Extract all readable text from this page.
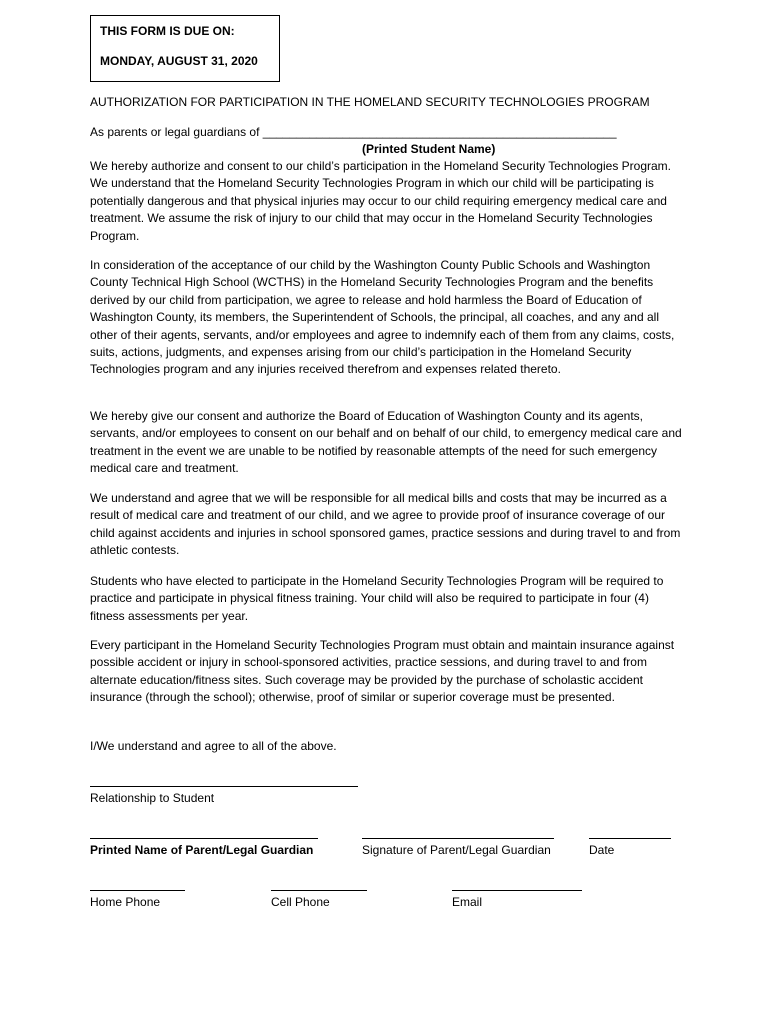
THIS FORM IS DUE ON:
MONDAY, AUGUST 31, 2020
AUTHORIZATION FOR PARTICIPATION IN THE HOMELAND SECURITY TECHNOLOGIES PROGRAM
As parents or legal guardians of _____________________________________________________
(Printed Student Name)

We hereby authorize and consent to our child’s participation in the Homeland Security Technologies Program. We understand that the Homeland Security Technologies Program in which our child will be participating is potentially dangerous and that physical injuries may occur to our child requiring emergency medical care and treatment. We assume the risk of injury to our child that may occur in the Homeland Security Technologies Program.

In consideration of the acceptance of our child by the Washington County Public Schools and Washington County Technical High School (WCTHS) in the Homeland Security Technologies Program and the benefits derived by our child from participation, we agree to release and hold harmless the Board of Education of Washington County, its members, the Superintendent of Schools, the principal, all coaches, and any and all other of their agents, servants, and/or employees and agree to indemnify each of them from any claims, costs, suits, actions, judgments, and expenses arising from our child’s participation in the Homeland Security Technologies program and any injuries received therefrom and expenses related thereto.

We hereby give our consent and authorize the Board of Education of Washington County and its agents, servants, and/or employees to consent on our behalf and on behalf of our child, to emergency medical care and treatment in the event we are unable to be notified by reasonable attempts of the need for such emergency medical care and treatment.

We understand and agree that we will be responsible for all medical bills and costs that may be incurred as a result of medical care and treatment of our child, and we agree to provide proof of insurance coverage of our child against accidents and injuries in school sponsored games, practice sessions and during travel to and from athletic contests.

Students who have elected to participate in the Homeland Security Technologies Program will be required to practice and participate in physical fitness training. Your child will also be required to participate in four (4) fitness assessments per year.

Every participant in the Homeland Security Technologies Program must obtain and maintain insurance against possible accident or injury in school-sponsored activities, practice sessions, and during travel to and from alternate education/fitness sites. Such coverage may be provided by the purchase of scholastic accident insurance (through the school); otherwise, proof of similar or superior coverage must be presented.

I/We understand and agree to all of the above.
Relationship to Student
Printed Name of Parent/Legal Guardian	Signature of Parent/Legal Guardian	Date
Home Phone	Cell Phone	Email
